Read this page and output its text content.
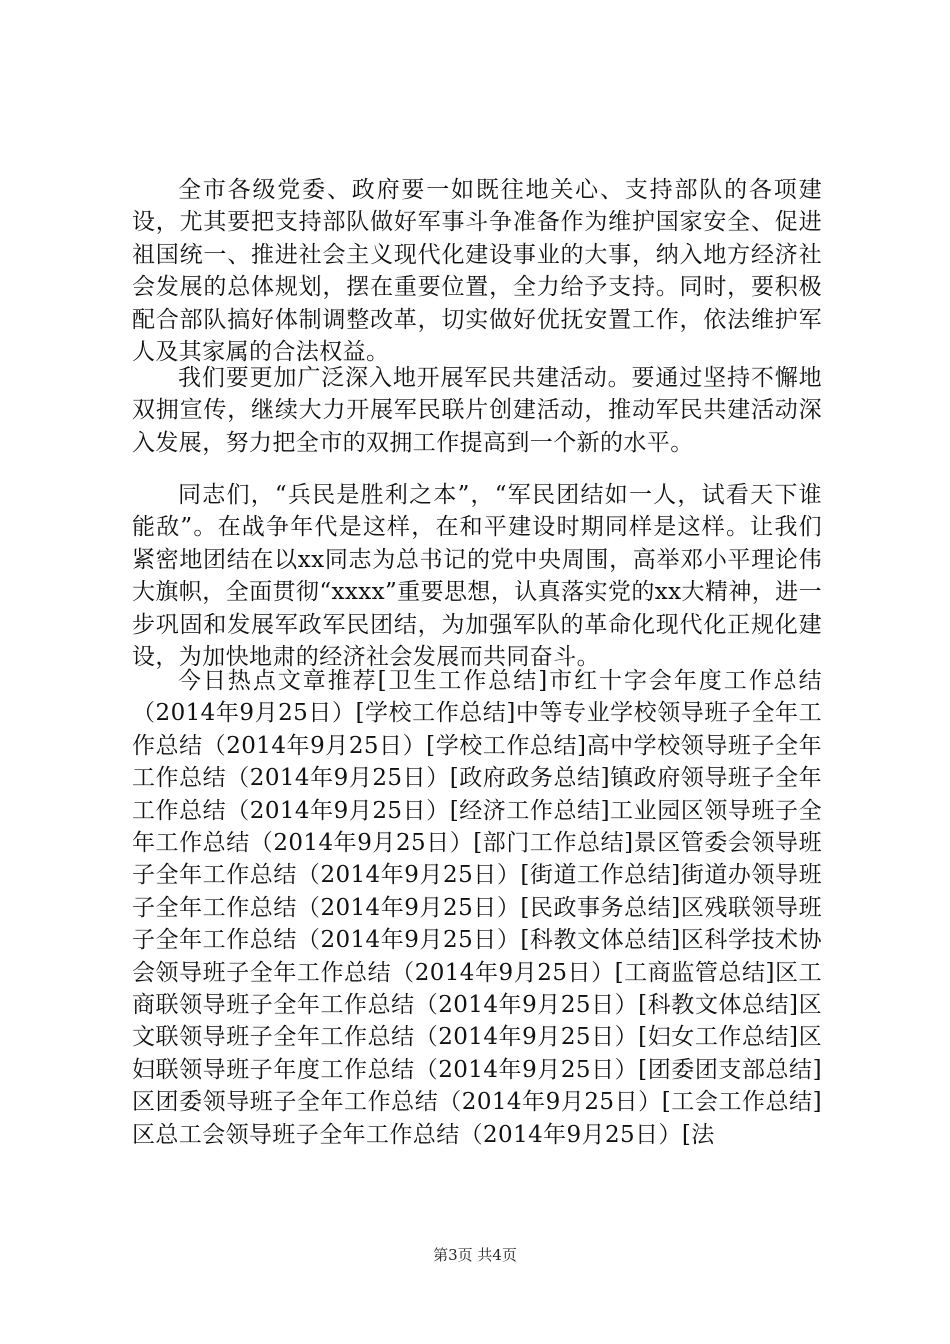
全市各级党委、政府要一如既往地关心、支持部队的各项建设，尤其要把支持部队做好军事斗争准备作为维护国家安全、促进祖国统一、推进社会主义现代化建设事业的大事，纳入地方经济社会发展的总体规划，摆在重要位置，全力给予支持。同时，要积极配合部队搞好体制调整改革，切实做好优抚安置工作，依法维护军人及其家属的合法权益。

我们要更加广泛深入地开展军民共建活动。要通过坚持不懈地双拥宣传，继续大力开展军民联片创建活动，推动军民共建活动深入发展，努力把全市的双拥工作提高到一个新的水平。

同志们，“兵民是胜利之本”，“军民团结如一人，试看天下谁能敌”。在战争年代是这样，在和平建设时期同样是这样。让我们紧密地团结在以xx同志为总书记的党中央周围，高举邓小平理论伟大旗帜，全面贯彻“xxxx”重要思想，认真落实党的xx大精神，进一步巩固和发展军政军民团结，为加强军队的革命化现代化正规化建设，为加快地肃的经济社会发展而共同奋斗。

今日热点文章推荐[卫生工作总结]市红十字会年度工作总结（2014年9月25日）[学校工作总结]中等专业学校领导班子全年工作总结（2014年9月25日）[学校工作总结]高中学校领导班子全年工作总结（2014年9月25日）[政府政务总结]镇政府领导班子全年工作总结（2014年9月25日）[经济工作总结]工业园区领导班子全年工作总结（2014年9月25日）[部门工作总结]景区管委会领导班子全年工作总结（2014年9月25日）[街道工作总结]街道办领导班子全年工作总结（2014年9月25日）[民政事务总结]区残联领导班子全年工作总结（2014年9月25日）[科教文体总结]区科学技术协会领导班子全年工作总结（2014年9月25日）[工商监管总结]区工商联领导班子全年工作总结（2014年9月25日）[科教文体总结]区文联领导班子全年工作总结（2014年9月25日）[妇女工作总结]区妇联领导班子年度工作总结（2014年9月25日）[团委团支部总结]区团委领导班子全年工作总结（2014年9月25日）[工会工作总结]区总工会领导班子全年工作总结（2014年9月25日）[法

第3页 共4页
